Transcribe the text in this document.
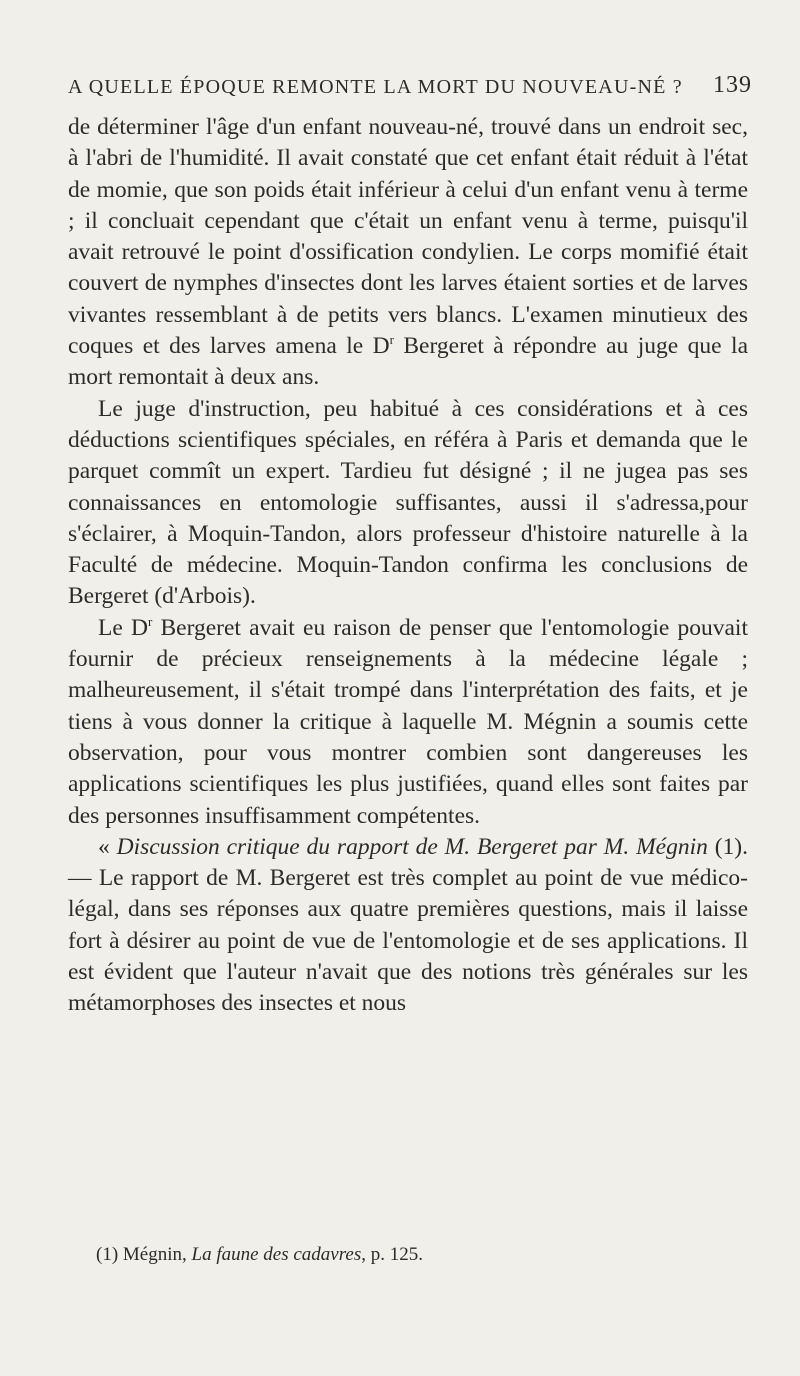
A QUELLE ÉPOQUE REMONTE LA MORT DU NOUVEAU-NÉ ? 139

de déterminer l'âge d'un enfant nouveau-né, trouvé dans un endroit sec, à l'abri de l'humidité. Il avait constaté que cet enfant était réduit à l'état de momie, que son poids était inférieur à celui d'un enfant venu à terme ; il concluait cependant que c'était un enfant venu à terme, puisqu'il avait retrouvé le point d'ossification condylien. Le corps momifié était couvert de nymphes d'insectes dont les larves étaient sorties et de larves vivantes ressemblant à de petits vers blancs. L'examen minutieux des coques et des larves amena le $D^r$ Bergeret à répondre au juge que la mort remontait à deux ans.

Le juge d'instruction, peu habitué à ces considérations et à ces déductions scientifiques spéciales, en référa à Paris et demanda que le parquet commît un expert. Tardieu fut désigné ; il ne jugea pas ses connaissances en entomologie suffisantes, aussi il s'adressa,pour s'éclairer, à Moquin-Tandon, alors professeur d'histoire naturelle à la Faculté de médecine. Moquin-Tandon confirma les conclusions de Bergeret (d'Arbois).

Le $D^r$ Bergeret avait eu raison de penser que l'entomologie pouvait fournir de précieux renseignements à la médecine légale ; malheureusement, il s'était trompé dans l'interprétation des faits, et je tiens à vous donner la critique à laquelle M. Mégnin a soumis cette observation, pour vous montrer combien sont dangereuses les applications scientifiques les plus justifiées, quand elles sont faites par des personnes insuffisamment compétentes.

« Discussion critique du rapport de M. Bergeret par M. Mégnin (1). — Le rapport de M. Bergeret est très complet au point de vue médico-légal, dans ses réponses aux quatre premières questions, mais il laisse fort à désirer au point de vue de l'entomologie et de ses applications. Il est évident que l'auteur n'avait que des notions très générales sur les métamorphoses des insectes et nous

(1) Mégnin, La faune des cadavres, p. 125.
